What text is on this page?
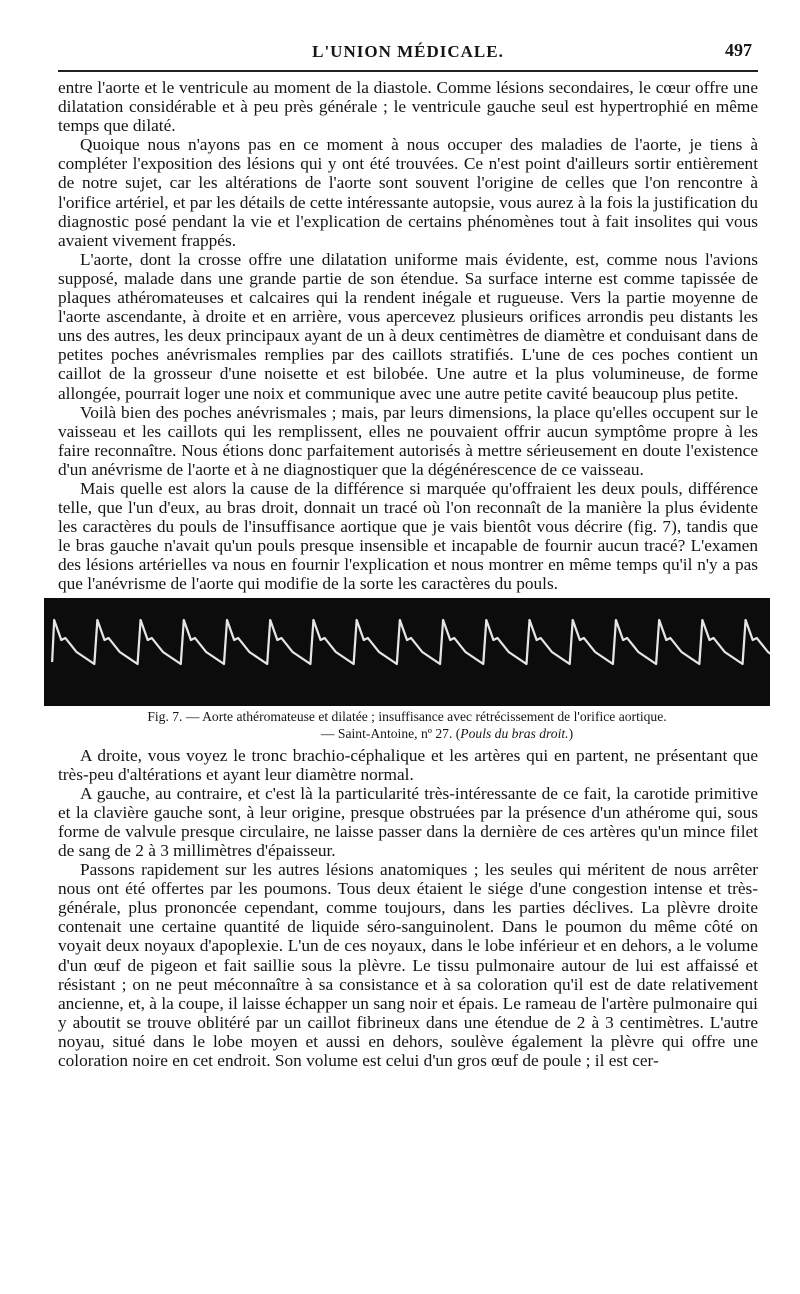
L'UNION MÉDICALE.	497

entre l'aorte et le ventricule au moment de la diastole. Comme lésions secondaires, le cœur offre une dilatation considérable et à peu près générale ; le ventricule gauche seul est hypertrophié en même temps que dilaté.

Quoique nous n'ayons pas en ce moment à nous occuper des maladies de l'aorte, je tiens à compléter l'exposition des lésions qui y ont été trouvées. Ce n'est point d'ailleurs sortir entièrement de notre sujet, car les altérations de l'aorte sont souvent l'origine de celles que l'on rencontre à l'orifice artériel, et par les détails de cette intéressante autopsie, vous aurez à la fois la justification du diagnostic posé pendant la vie et l'explication de certains phénomènes tout à fait insolites qui vous avaient vivement frappés.

L'aorte, dont la crosse offre une dilatation uniforme mais évidente, est, comme nous l'avions supposé, malade dans une grande partie de son étendue. Sa surface interne est comme tapissée de plaques athéromateuses et calcaires qui la rendent inégale et rugueuse. Vers la partie moyenne de l'aorte ascendante, à droite et en arrière, vous apercevez plusieurs orifices arrondis peu distants les uns des autres, les deux principaux ayant de un à deux centimètres de diamètre et conduisant dans de petites poches anévrismales remplies par des caillots stratifiés. L'une de ces poches contient un caillot de la grosseur d'une noisette et est bilobée. Une autre et la plus volumineuse, de forme allongée, pourrait loger une noix et communique avec une autre petite cavité beaucoup plus petite.

Voilà bien des poches anévrismales ; mais, par leurs dimensions, la place qu'elles occupent sur le vaisseau et les caillots qui les remplissent, elles ne pouvaient offrir aucun symptôme propre à les faire reconnaître. Nous étions donc parfaitement autorisés à mettre sérieusement en doute l'existence d'un anévrisme de l'aorte et à ne diagnostiquer que la dégénérescence de ce vaisseau.

Mais quelle est alors la cause de la différence si marquée qu'offraient les deux pouls, différence telle, que l'un d'eux, au bras droit, donnait un tracé où l'on reconnaît de la manière la plus évidente les caractères du pouls de l'insuffisance aortique que je vais bientôt vous décrire (fig. 7), tandis que le bras gauche n'avait qu'un pouls presque insensible et incapable de fournir aucun tracé? L'examen des lésions artérielles va nous en fournir l'explication et nous montrer en même temps qu'il n'y a pas que l'anévrisme de l'aorte qui modifie de la sorte les caractères du pouls.

Fig. 7. — Aorte athéromateuse et dilatée ; insuffisance avec rétrécissement de l'orifice aortique.
— Saint-Antoine, nº 27. (Pouls du bras droit.)

A droite, vous voyez le tronc brachio-céphalique et les artères qui en partent, ne présentant que très-peu d'altérations et ayant leur diamètre normal.

A gauche, au contraire, et c'est là la particularité très-intéressante de ce fait, la carotide primitive et la clavière gauche sont, à leur origine, presque obstruées par la présence d'un athérome qui, sous forme de valvule presque circulaire, ne laisse passer dans la dernière de ces artères qu'un mince filet de sang de 2 à 3 millimètres d'épaisseur.

Passons rapidement sur les autres lésions anatomiques ; les seules qui méritent de nous arrêter nous ont été offertes par les poumons. Tous deux étaient le siége d'une congestion intense et très-générale, plus prononcée cependant, comme toujours, dans les parties déclives. La plèvre droite contenait une certaine quantité de liquide séro-sanguinolent. Dans le poumon du même côté on voyait deux noyaux d'apoplexie. L'un de ces noyaux, dans le lobe inférieur et en dehors, a le volume d'un œuf de pigeon et fait saillie sous la plèvre. Le tissu pulmonaire autour de lui est affaissé et résistant ; on ne peut méconnaître à sa consistance et à sa coloration qu'il est de date relativement ancienne, et, à la coupe, il laisse échapper un sang noir et épais. Le rameau de l'artère pulmonaire qui y aboutit se trouve oblitéré par un caillot fibrineux dans une étendue de 2 à 3 centimètres. L'autre noyau, situé dans le lobe moyen et aussi en dehors, soulève également la plèvre qui offre une coloration noire en cet endroit. Son volume est celui d'un gros œuf de poule ; il est cer-
